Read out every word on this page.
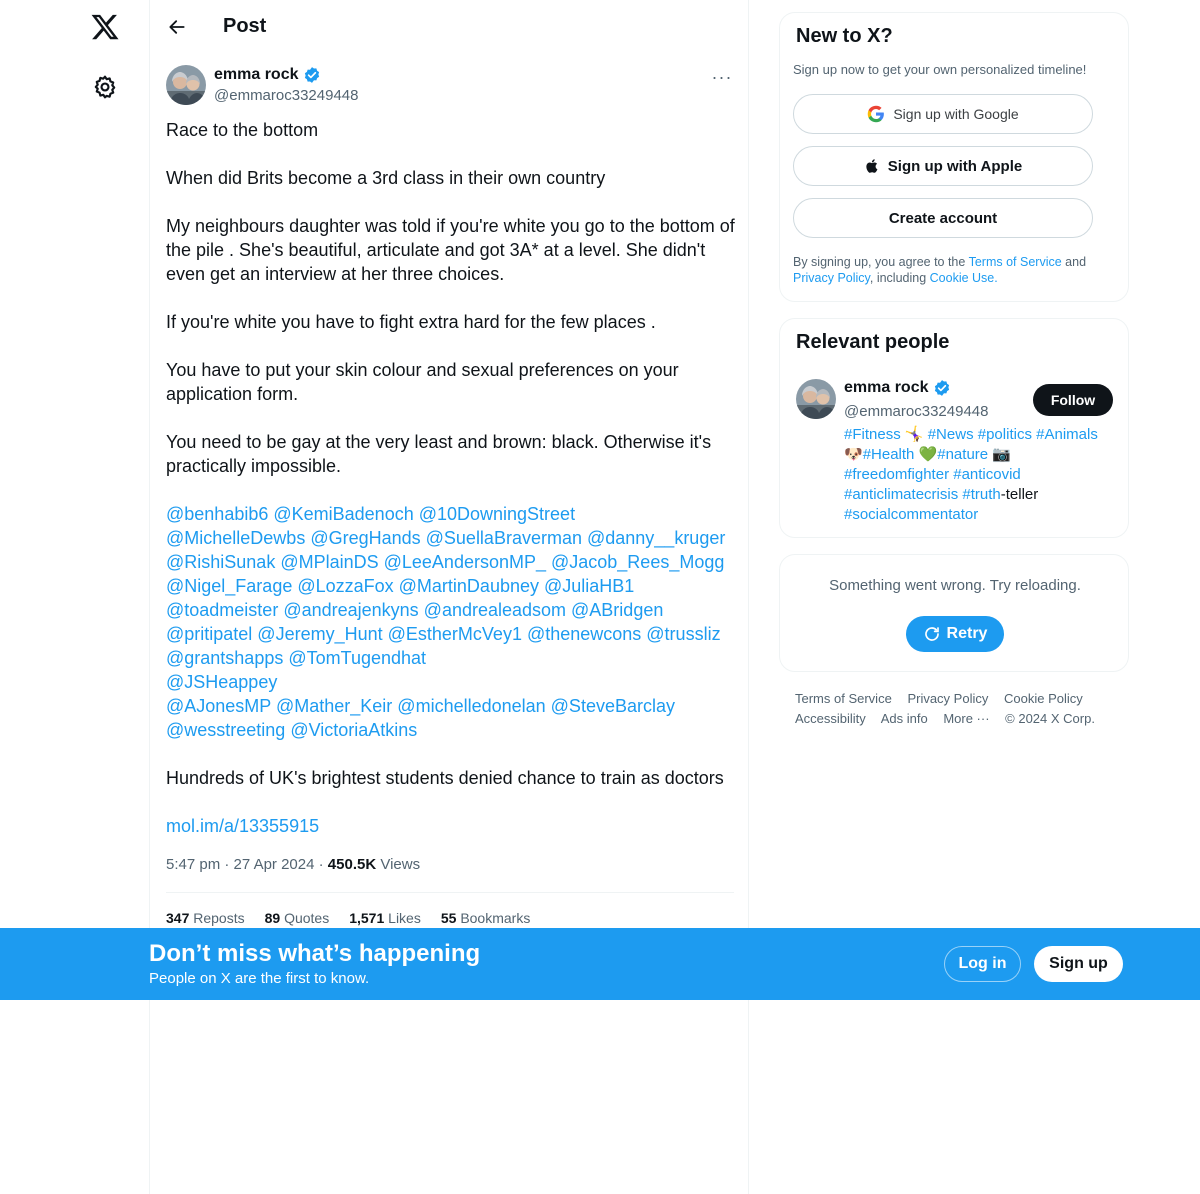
Post
emma rock
@emmaroc33249448
···

Race to the bottom

When did Brits become a 3rd class in their own country

My neighbours daughter was told if you're white you go to the bottom of the pile . She's beautiful, articulate and got 3A* at a level. She didn't even get an interview at her three choices.

If you're white you have to fight extra hard for the few places .

You have to put your skin colour and sexual preferences on your application form.

You need to be gay at the very least and brown: black. Otherwise it's practically impossible.

@benhabib6 @KemiBadenoch @10DowningStreet
@MichelleDewbs @GregHands @SuellaBraverman @danny__kruger
@RishiSunak @MPlainDS @LeeAndersonMP_ @Jacob_Rees_Mogg
@Nigel_Farage @LozzaFox @MartinDaubney @JuliaHB1
@toadmeister @andreajenkyns @andrealeadsom @ABridgen
@pritipatel @Jeremy_Hunt @EstherMcVey1 @thenewcons @trussliz
@grantshapps @TomTugendhat
@JSHeappey
@AJonesMP @Mather_Keir @michelledonelan @SteveBarclay
@wesstreeting @VictoriaAtkins

Hundreds of UK's brightest students denied chance to train as doctors

mol.im/a/13355915

5:47 pm · 27 Apr 2024 · 450.5K Views
347 Reposts 89 Quotes 1,571 Likes 55 Bookmarks
New to X?
Sign up now to get your own personalized timeline!
Sign up with Google
Sign up with Apple
Create account
By signing up, you agree to the Terms of Service and Privacy Policy, including Cookie Use.
Relevant people
emma rock
@emmaroc33249448
Follow
#Fitness 🤸‍♀️ #News #politics #Animals
🐶#Health 💚#nature 📷
#freedomfighter #anticovid
#anticlimatecrisis #truth-teller
#socialcommentator
Something went wrong. Try reloading.
Retry
Terms of Service Privacy Policy Cookie Policy
Accessibility Ads info More ··· © 2024 X Corp.
Don’t miss what’s happening
People on X are the first to know.
Log in	Sign up
